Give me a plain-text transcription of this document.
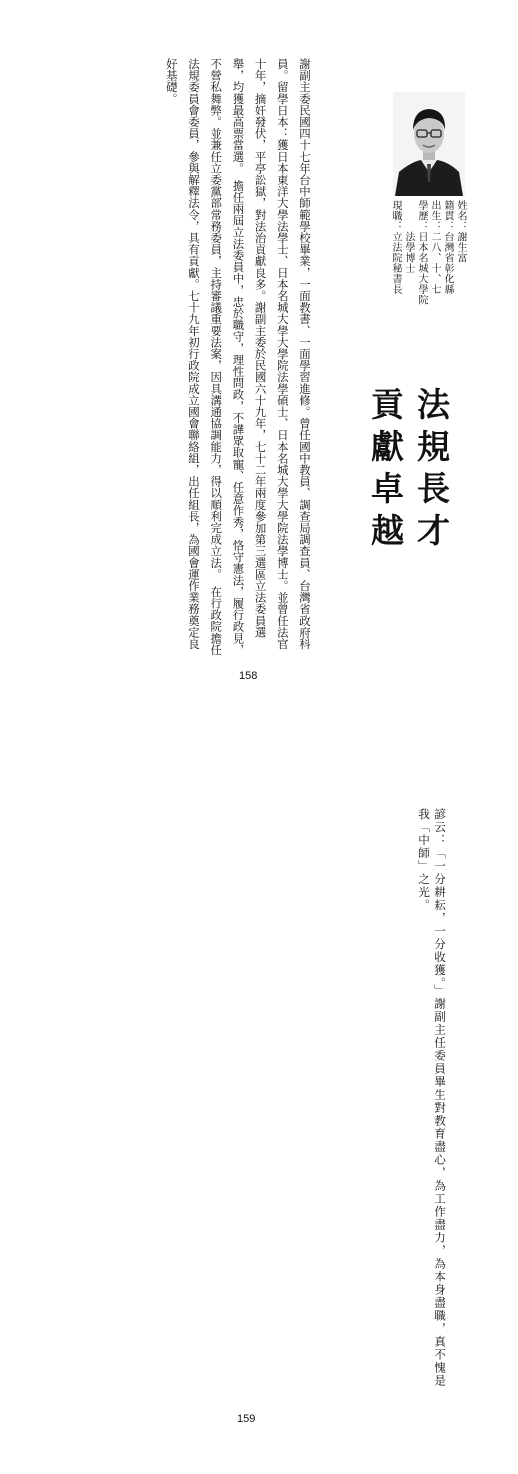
姓名：謝生富
籍貫：台灣省彰化縣
出生：二八、十、七
學歷：日本名城大學院
　　　法學博士
現職：立法院秘書長
法規長才
貢獻卓越
謝副主委民國四十七年台中師範學校畢業，一面教書、一面學習進修。曾任國中教員、調查局調查員、台灣省政府科員。留學日本：獲日本東洋大學法學士、日本名城大學大學院法學碩士、日本名城大學大學院法學博士。並曾任法官十年，摘奸發伏，平亭訟獄，對法治貢獻良多。謝副主委於民國六十九年，七十二年兩度參加第三選區立法委員選舉，均獲最高票當選。　擔任兩屆立法委員中，忠於職守，理性問政，不譁眾取寵、任意作秀，恪守憲法，履行政見，不營私舞弊。並兼任立委黨部常務委員，主持審議重要法案，因具溝通協調能力，得以順利完成立法。　在行政院擔任法規委員會委員，參與解釋法令，具有貢獻。七十九年初行政院成立國會聯絡組，出任組長，為國會運作業務奠定良好基礎。
158
諺云：「一分耕耘，一分收獲。」謝副主任委員畢生對教育盡心，為工作盡力，為本身盡職，真不愧是我「中師」之光。
159
